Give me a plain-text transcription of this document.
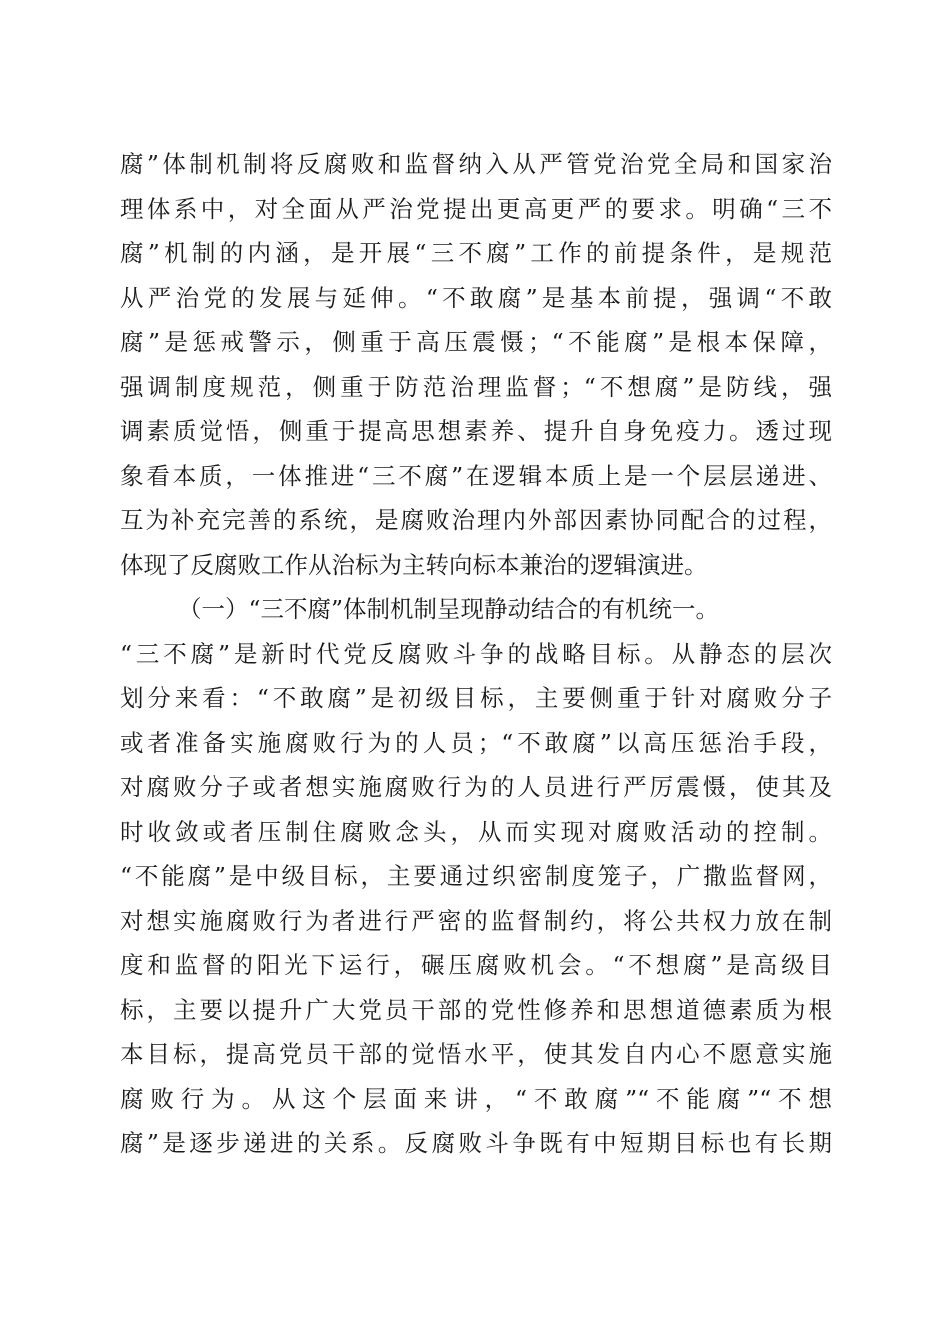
腐”体制机制将反腐败和监督纳入从严管党治党全局和国家治
理体系中，对全面从严治党提出更高更严的要求。明确“三不
腐”机制的内涵，是开展“三不腐”工作的前提条件，是规范
从严治党的发展与延伸。“不敢腐”是基本前提，强调“不敢
腐”是惩戒警示，侧重于高压震慑；“不能腐”是根本保障，
强调制度规范，侧重于防范治理监督；“不想腐”是防线，强
调素质觉悟，侧重于提高思想素养、提升自身免疫力。透过现
象看本质，一体推进“三不腐”在逻辑本质上是一个层层递进、
互为补充完善的系统，是腐败治理内外部因素协同配合的过程，
体现了反腐败工作从治标为主转向标本兼治的逻辑演进。
（一）“三不腐”体制机制呈现静动结合的有机统一。
“三不腐”是新时代党反腐败斗争的战略目标。从静态的层次
划分来看：“不敢腐”是初级目标，主要侧重于针对腐败分子
或者准备实施腐败行为的人员；“不敢腐”以高压惩治手段，
对腐败分子或者想实施腐败行为的人员进行严厉震慑，使其及
时收敛或者压制住腐败念头，从而实现对腐败活动的控制。
“不能腐”是中级目标，主要通过织密制度笼子，广撒监督网，
对想实施腐败行为者进行严密的监督制约，将公共权力放在制
度和监督的阳光下运行，碾压腐败机会。“不想腐”是高级目
标，主要以提升广大党员干部的党性修养和思想道德素质为根
本目标，提高党员干部的觉悟水平，使其发自内心不愿意实施
腐败行为。从这个层面来讲，“不敢腐”“不能腐”“不想
腐”是逐步递进的关系。反腐败斗争既有中短期目标也有长期
